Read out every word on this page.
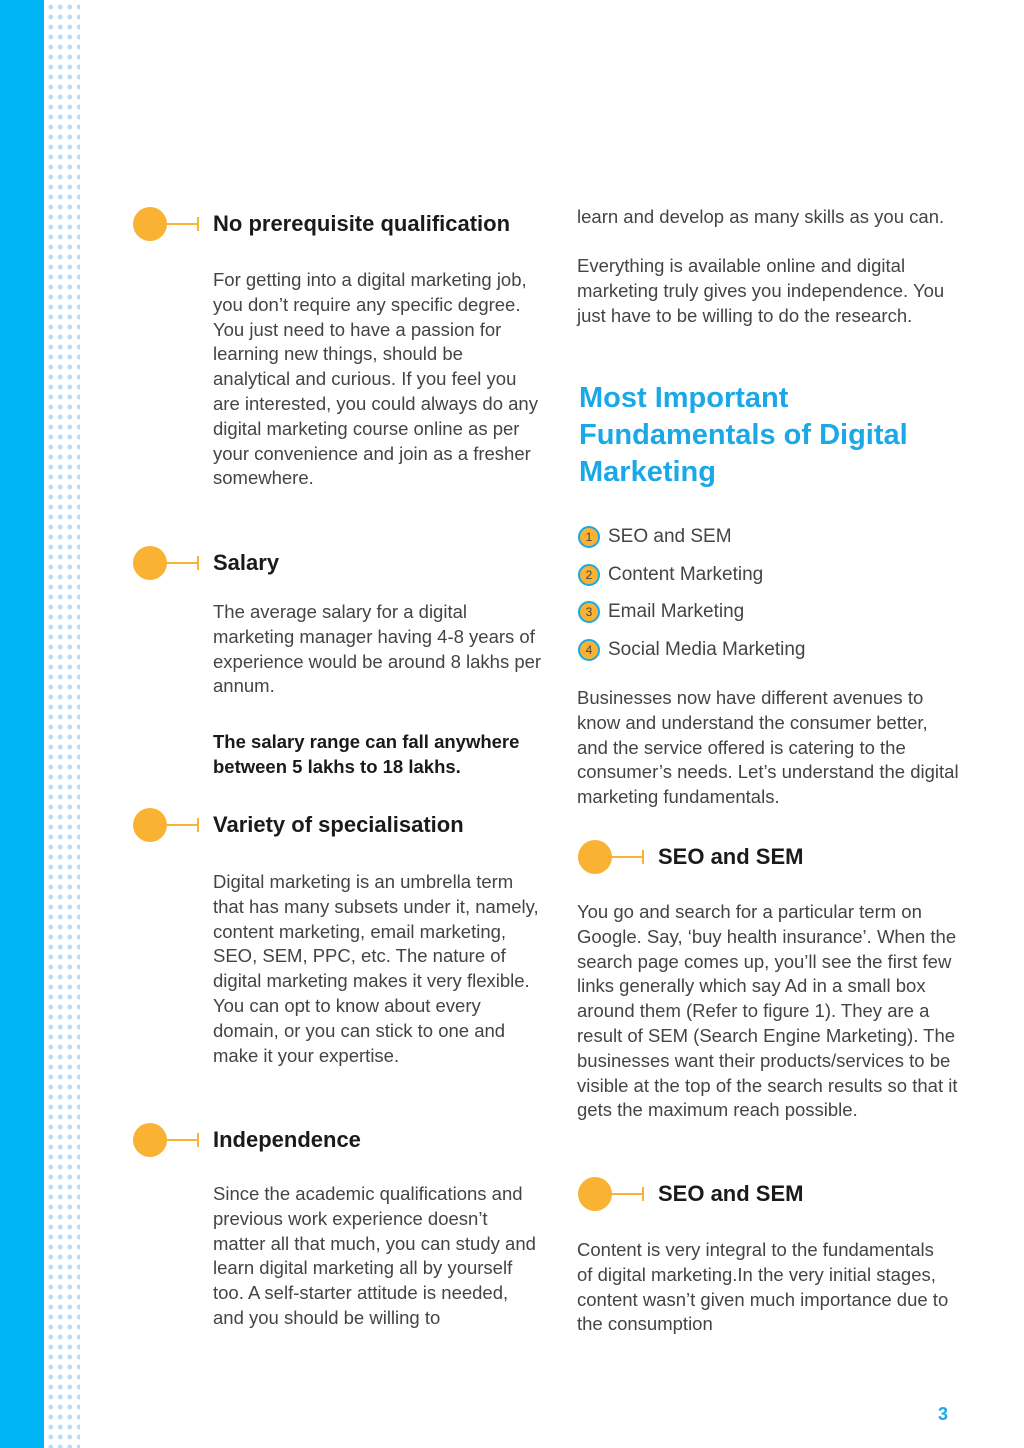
No prerequisite qualification
For getting into a digital marketing job, you don’t require any specific degree. You just need to have a passion for learning new things, should be analytical and curious. If you feel you are interested, you could always do any digital marketing course online as per your convenience and join as a fresher somewhere.
Salary
The average salary for a digital marketing manager having 4-8 years of experience would be around 8 lakhs per annum.
The salary range can fall anywhere between 5 lakhs to 18 lakhs.
Variety of specialisation
Digital marketing is an umbrella term that has many subsets under it, namely, content marketing, email marketing, SEO, SEM, PPC, etc. The nature of digital marketing makes it very flexible. You can opt to know about every domain, or you can stick to one and make it your expertise.
Independence
Since the academic qualifications and previous work experience doesn’t matter all that much, you can study and learn digital marketing all by yourself too. A self-starter attitude is needed, and you should be willing to
learn and develop as many skills as you can.
Everything is available online and digital marketing truly gives you independence. You just have to be willing to do the research.
Most Important Fundamentals of Digital Marketing
1 SEO and SEM
2 Content Marketing
3 Email Marketing
4 Social Media Marketing
Businesses now have different avenues to know and understand the consumer better, and the service offered is catering to the consumer’s needs. Let’s understand the digital marketing fundamentals.
SEO and SEM
You go and search for a particular term on Google. Say, ‘buy health insurance’. When the search page comes up, you’ll see the first few links generally which say Ad in a small box around them (Refer to figure 1). They are a result of SEM (Search Engine Marketing). The businesses want their products/services to be visible at the top of the search results so that it gets the maximum reach possible.
SEO and SEM
Content is very integral to the fundamentals of digital marketing.In the very initial stages, content wasn’t given much importance due to the consumption
3
